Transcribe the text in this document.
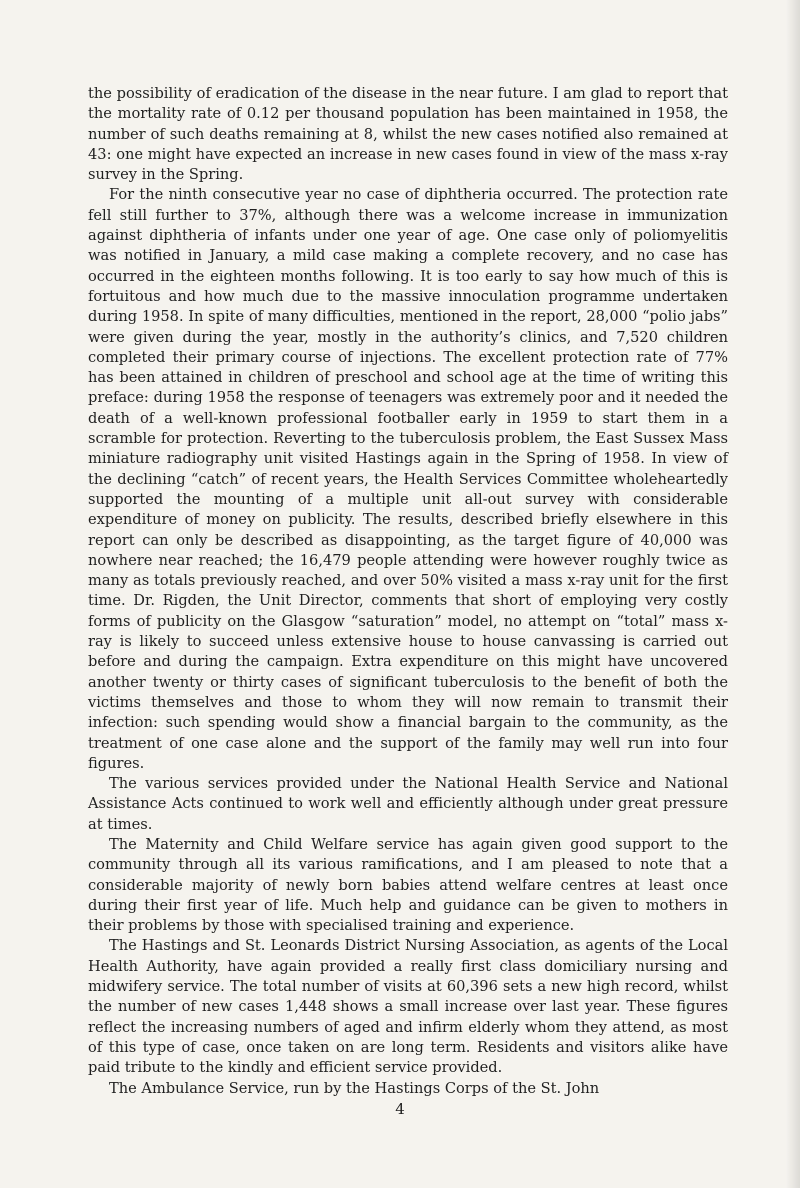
the possibility of eradication of the disease in the near future. I am glad to report that the mortality rate of 0.12 per thousand population has been maintained in 1958, the number of such deaths remaining at 8, whilst the new cases notified also remained at 43: one might have expected an increase in new cases found in view of the mass x-ray survey in the Spring.

For the ninth consecutive year no case of diphtheria occurred. The protection rate fell still further to 37%, although there was a welcome increase in immunization against diphtheria of infants under one year of age. One case only of poliomyelitis was notified in January, a mild case making a complete recovery, and no case has occurred in the eighteen months following. It is too early to say how much of this is fortuitous and how much due to the massive innoculation programme undertaken during 1958. In spite of many difficulties, mentioned in the report, 28,000 “polio jabs” were given during the year, mostly in the authority’s clinics, and 7,520 children completed their primary course of injections. The excellent protection rate of 77% has been attained in children of preschool and school age at the time of writing this preface: during 1958 the response of teenagers was extremely poor and it needed the death of a well-known professional footballer early in 1959 to start them in a scramble for protection. Reverting to the tuberculosis problem, the East Sussex Mass miniature radiography unit visited Hastings again in the Spring of 1958. In view of the declining “catch” of recent years, the Health Services Committee wholeheartedly supported the mounting of a multiple unit all-out survey with considerable expenditure of money on publicity. The results, described briefly elsewhere in this report can only be described as disappointing, as the target figure of 40,000 was nowhere near reached; the 16,479 people attending were however roughly twice as many as totals previously reached, and over 50% visited a mass x-ray unit for the first time. Dr. Rigden, the Unit Director, comments that short of employing very costly forms of publicity on the Glasgow “saturation” model, no attempt on “total” mass x-ray is likely to succeed unless extensive house to house canvassing is carried out before and during the campaign. Extra expenditure on this might have uncovered another twenty or thirty cases of significant tuberculosis to the benefit of both the victims themselves and those to whom they will now remain to transmit their infection: such spending would show a financial bargain to the community, as the treatment of one case alone and the support of the family may well run into four figures.

The various services provided under the National Health Service and National Assistance Acts continued to work well and efficiently although under great pressure at times.

The Maternity and Child Welfare service has again given good support to the community through all its various ramifications, and I am pleased to note that a considerable majority of newly born babies attend welfare centres at least once during their first year of life. Much help and guidance can be given to mothers in their problems by those with specialised training and experience.

The Hastings and St. Leonards District Nursing Association, as agents of the Local Health Authority, have again provided a really first class domiciliary nursing and midwifery service. The total number of visits at 60,396 sets a new high record, whilst the number of new cases 1,448 shows a small increase over last year. These figures reflect the increasing numbers of aged and infirm elderly whom they attend, as most of this type of case, once taken on are long term. Residents and visitors alike have paid tribute to the kindly and efficient service provided.

The Ambulance Service, run by the Hastings Corps of the St. John

4
